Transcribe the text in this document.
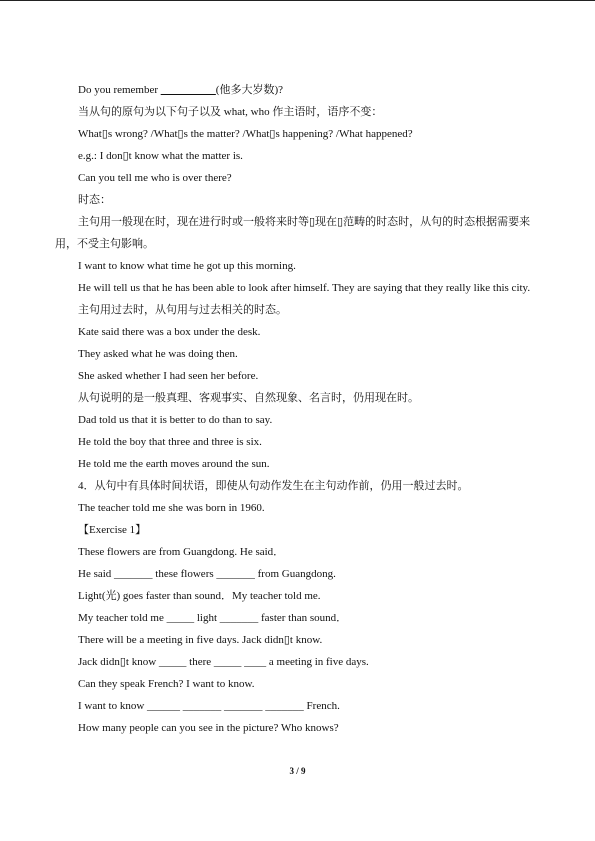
Do you remember __________(他多大岁数)?
当从句的原句为以下句子以及 what, who 作主语时，语序不变：
What▯s wrong? /What▯s the matter? /What▯s happening? /What happened?
e.g.: I don▯t know what the matter is.
Can you tell me who is over there?
时态：
主句用一般现在时，现在进行时或一般将来时等▯现在▯范畴的时态时，从句的时态根据需要来用，不受主句影响。
I want to know what time he got up this morning.
He will tell us that he has been able to look after himself. They are saying that they really like this city.
主句用过去时，从句用与过去相关的时态。
Kate said there was a box under the desk.
They asked what he was doing then.
She asked whether I had seen her before.
从句说明的是一般真理、客观事实、自然现象、名言时，仍用现在时。
Dad told us that it is better to do than to say.
He told the boy that three and three is six.
He told me the earth moves around the sun.
4．从句中有具体时间状语，即使从句动作发生在主句动作前，仍用一般过去时。
The teacher told me she was born in 1960.
【Exercise 1】
These flowers are from Guangdong. He said．
He said _______ these flowers _______ from Guangdong.
Light(光) goes faster than sound．My teacher told me.
My teacher told me _____ light _______ faster than sound．
There will be a meeting in five days. Jack didn▯t know.
Jack didn▯t know _____ there _____ ____ a meeting in five days.
Can they speak French? I want to know.
I want to know ______ _______ _______ _______ French.
How many people can you see in the picture? Who knows?
3 / 9
